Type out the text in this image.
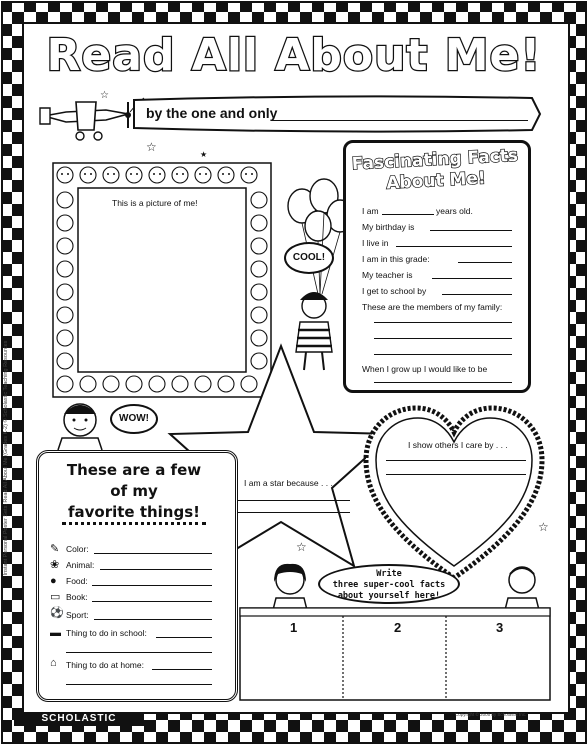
Read All About Me!
by the one and only
This is a picture of me!
COOL!
Fascinating Facts
About Me!
I am	years old.
My birthday is
I live in
I am in this grade:
My teacher is
I get to school by
These are the members of my family:
When I grow up I would like to be
WOW!
I am a star because . . .
I show others I care by . . .
These are a few
of my
favorite things!
✎ Color:
❀ Animal:
● Food:
▭ Book:
⚽ Sport:
▬ Thing to do in school:
⌂ Thing to do at home:
Write
three super-cool facts
about yourself here!
1	2	3
☆
☆
★
☆
☆
SCHOLASTIC
Instant Personal Poster Sets: Read All About Me (Grades K-2) © Scholastic Teaching Resources
Copyright © 2005 by Scholastic Inc.
